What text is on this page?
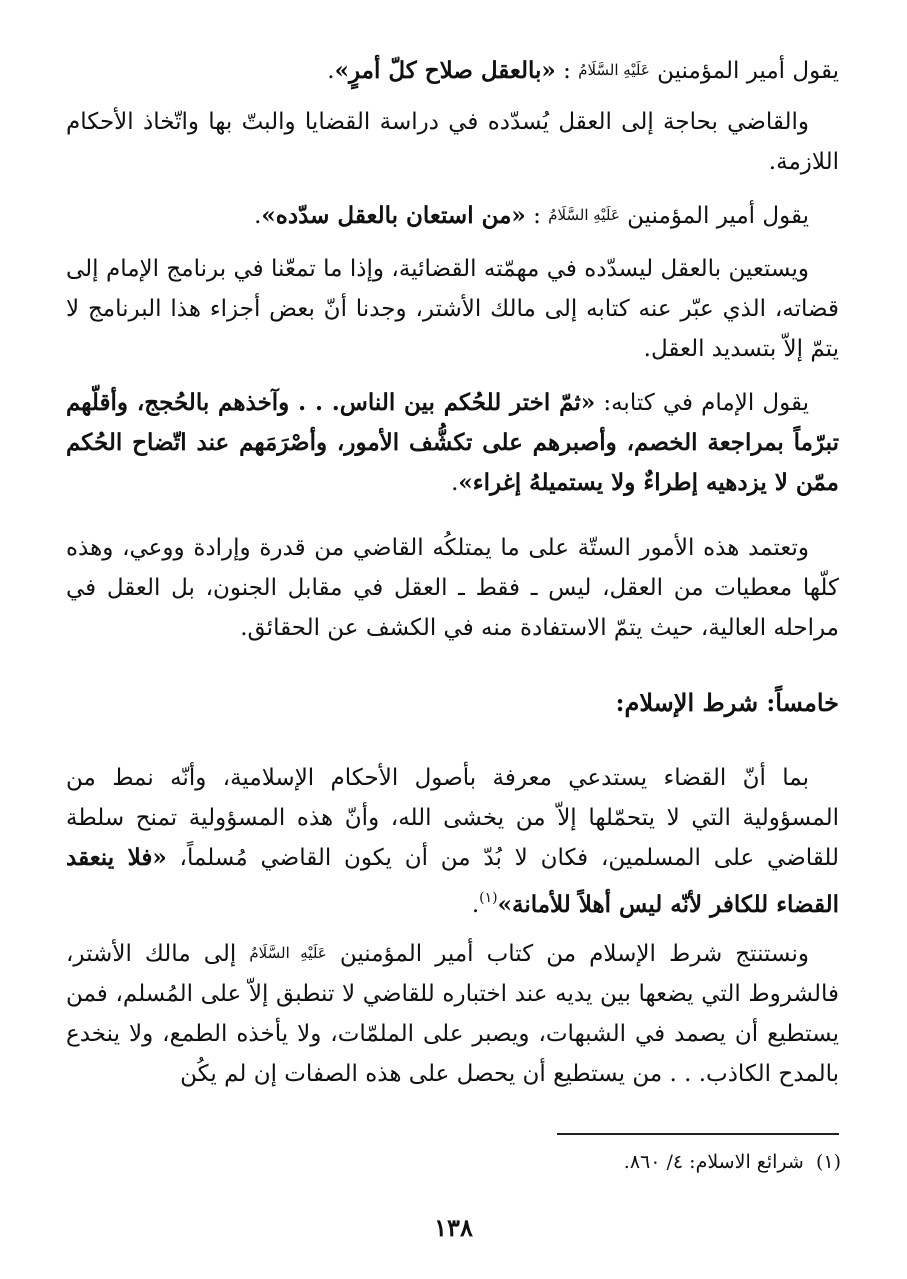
يقول أمير المؤمنين عَلَيْهِ السَّلَامُ : «بالعقل صلاح كلّ أمرٍ».

والقاضي بحاجة إلى العقل يُسدّده في دراسة القضايا والبتّ بها واتّخاذ الأحكام اللازمة.

يقول أمير المؤمنين عَلَيْهِ السَّلَامُ : «من استعان بالعقل سدّده».

ويستعين بالعقل ليسدّده في مهمّته القضائية، وإذا ما تمعّنا في برنامج الإمام إلى قضاته، الذي عبّر عنه كتابه إلى مالك الأشتر، وجدنا أنّ بعض أجزاء هذا البرنامج لا يتمّ إلاّ بتسديد العقل.

يقول الإمام في كتابه: «ثمّ اختر للحُكم بين الناس. . . وآخذهم بالحُجج، وأقلّهم تبرّماً بمراجعة الخصم، وأصبرهم على تكشُّف الأمور، وأصْرَمَهم عند اتّضاح الحُكم ممّن لا يزدهيه إطراءٌ ولا يستميلهُ إغراء».

وتعتمد هذه الأمور الستّة على ما يمتلكُه القاضي من قدرة وإرادة ووعي، وهذه كلّها معطيات من العقل، ليس ـ فقط ـ العقل في مقابل الجنون، بل العقل في مراحله العالية، حيث يتمّ الاستفادة منه في الكشف عن الحقائق.

خامساً: شرط الإسلام:

بما أنّ القضاء يستدعي معرفة بأصول الأحكام الإسلامية، وأنّه نمط من المسؤولية التي لا يتحمّلها إلاّ من يخشى الله، وأنّ هذه المسؤولية تمنح سلطة للقاضي على المسلمين، فكان لا بُدّ من أن يكون القاضي مُسلماً، «فلا ينعقد القضاء للكافر لأنّه ليس أهلاً للأمانة»$^{(١)}$.

ونستنتج شرط الإسلام من كتاب أمير المؤمنين عَلَيْهِ السَّلَامُ إلى مالك الأشتر، فالشروط التي يضعها بين يديه عند اختباره للقاضي لا تنطبق إلاّ على المُسلم، فمن يستطيع أن يصمد في الشبهات، ويصبر على الملمّات، ولا يأخذه الطمع، ولا ينخدع بالمدح الكاذب. . . من يستطيع أن يحصل على هذه الصفات إن لم يكُن

(١)  شرائع الاسلام: ٤/ ٨٦٠.

١٣٨
